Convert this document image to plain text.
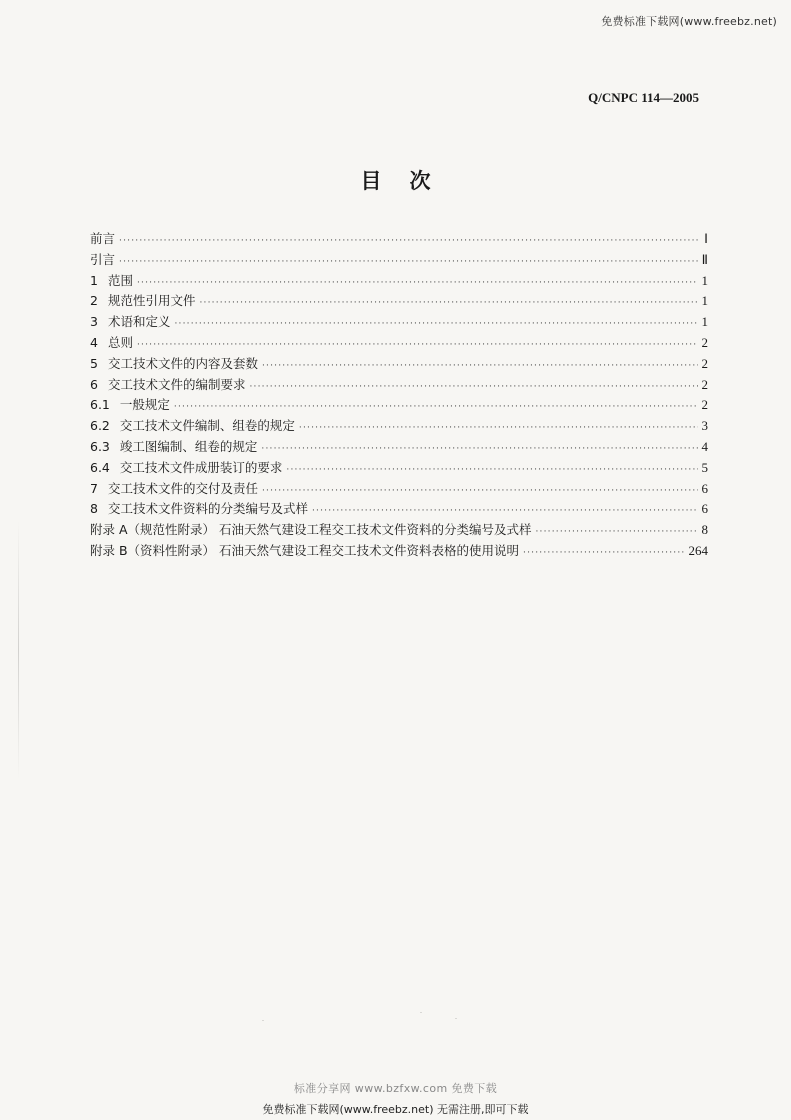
免费标准下载网(www.freebz.net)
Q/CNPC 114—2005
目次
前言 ·····	Ⅰ
引言 ·····	Ⅱ
1 范围 ·····	1
2 规范性引用文件 ·····	1
3 术语和定义 ·····	1
4 总则 ·····	2
5 交工技术文件的内容及套数 ·····	2
6 交工技术文件的编制要求 ·····	2
6.1 一般规定 ·····	2
6.2 交工技术文件编制、组卷的规定 ·····	3
6.3 竣工图编制、组卷的规定 ·····	4
6.4 交工技术文件成册装订的要求 ·····	5
7 交工技术文件的交付及责任 ·····	6
8 交工技术文件资料的分类编号及式样 ·····	6
附录 A（规范性附录） 石油天然气建设工程交工技术文件资料的分类编号及式样 ·····	8
附录 B（资料性附录） 石油天然气建设工程交工技术文件资料表格的使用说明 ·····	264
标准分享网 www.bzfxw.com 免费下载
免费标准下载网(www.freebz.net) 无需注册,即可下载
